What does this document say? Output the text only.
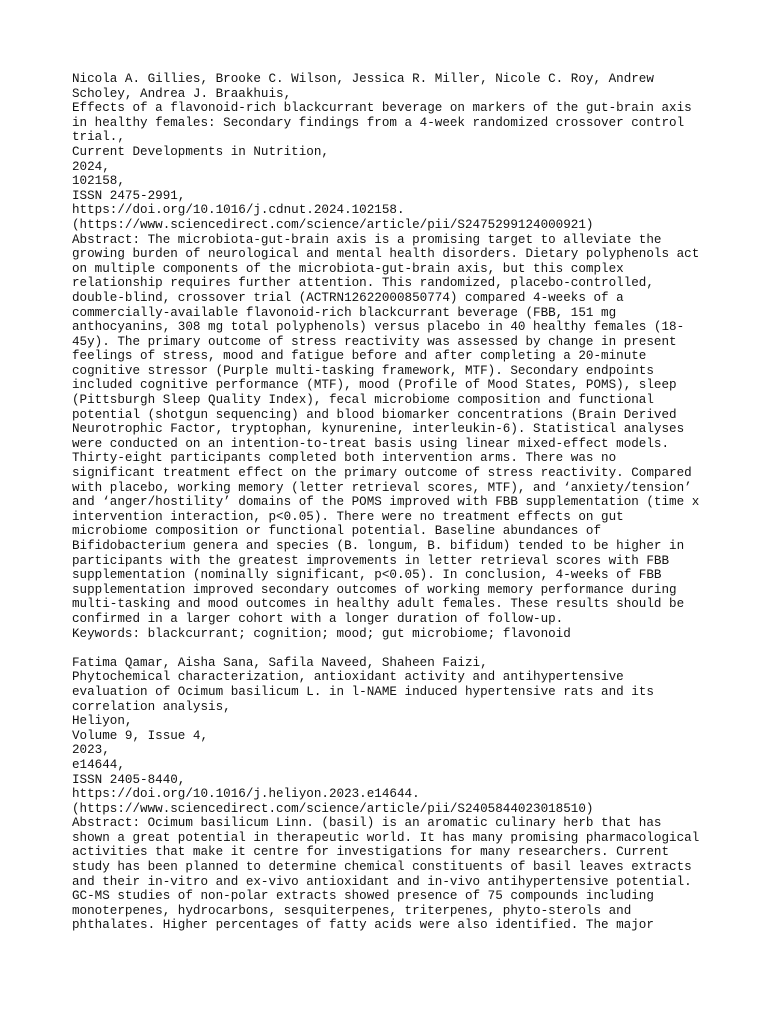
Nicola A. Gillies, Brooke C. Wilson, Jessica R. Miller, Nicole C. Roy, Andrew
Scholey, Andrea J. Braakhuis,
Effects of a flavonoid-rich blackcurrant beverage on markers of the gut-brain axis
in healthy females: Secondary findings from a 4-week randomized crossover control
trial.,
Current Developments in Nutrition,
2024,
102158,
ISSN 2475-2991,
https://doi.org/10.1016/j.cdnut.2024.102158.
(https://www.sciencedirect.com/science/article/pii/S2475299124000921)
Abstract: The microbiota-gut-brain axis is a promising target to alleviate the
growing burden of neurological and mental health disorders. Dietary polyphenols act
on multiple components of the microbiota-gut-brain axis, but this complex
relationship requires further attention. This randomized, placebo-controlled,
double-blind, crossover trial (ACTRN12622000850774) compared 4-weeks of a
commercially-available flavonoid-rich blackcurrant beverage (FBB, 151 mg
anthocyanins, 308 mg total polyphenols) versus placebo in 40 healthy females (18-
45y). The primary outcome of stress reactivity was assessed by change in present
feelings of stress, mood and fatigue before and after completing a 20-minute
cognitive stressor (Purple multi-tasking framework, MTF). Secondary endpoints
included cognitive performance (MTF), mood (Profile of Mood States, POMS), sleep
(Pittsburgh Sleep Quality Index), fecal microbiome composition and functional
potential (shotgun sequencing) and blood biomarker concentrations (Brain Derived
Neurotrophic Factor, tryptophan, kynurenine, interleukin-6). Statistical analyses
were conducted on an intention-to-treat basis using linear mixed-effect models.
Thirty-eight participants completed both intervention arms. There was no
significant treatment effect on the primary outcome of stress reactivity. Compared
with placebo, working memory (letter retrieval scores, MTF), and ‘anxiety/tension’
and ‘anger/hostility’ domains of the POMS improved with FBB supplementation (time x
intervention interaction, p<0.05). There were no treatment effects on gut
microbiome composition or functional potential. Baseline abundances of
Bifidobacterium genera and species (B. longum, B. bifidum) tended to be higher in
participants with the greatest improvements in letter retrieval scores with FBB
supplementation (nominally significant, p<0.05). In conclusion, 4-weeks of FBB
supplementation improved secondary outcomes of working memory performance during
multi-tasking and mood outcomes in healthy adult females. These results should be
confirmed in a larger cohort with a longer duration of follow-up.
Keywords: blackcurrant; cognition; mood; gut microbiome; flavonoid
Fatima Qamar, Aisha Sana, Safila Naveed, Shaheen Faizi,
Phytochemical characterization, antioxidant activity and antihypertensive
evaluation of Ocimum basilicum L. in l-NAME induced hypertensive rats and its
correlation analysis,
Heliyon,
Volume 9, Issue 4,
2023,
e14644,
ISSN 2405-8440,
https://doi.org/10.1016/j.heliyon.2023.e14644.
(https://www.sciencedirect.com/science/article/pii/S2405844023018510)
Abstract: Ocimum basilicum Linn. (basil) is an aromatic culinary herb that has
shown a great potential in therapeutic world. It has many promising pharmacological
activities that make it centre for investigations for many researchers. Current
study has been planned to determine chemical constituents of basil leaves extracts
and their in-vitro and ex-vivo antioxidant and in-vivo antihypertensive potential.
GC-MS studies of non-polar extracts showed presence of 75 compounds including
monoterpenes, hydrocarbons, sesquiterpenes, triterpenes, phyto-sterols and
phthalates. Higher percentages of fatty acids were also identified. The major
